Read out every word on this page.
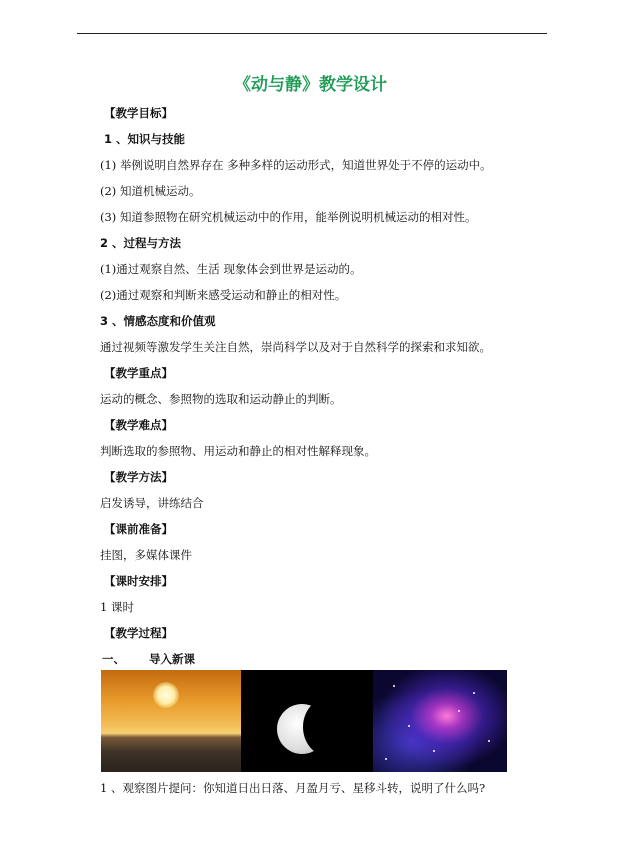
《动与静》教学设计
【教学目标】
1 、知识与技能
(1) 举例说明自然界存在 多种多样的运动形式，知道世界处于不停的运动中。
(2) 知道机械运动。
(3) 知道参照物在研究机械运动中的作用，能举例说明机械运动的相对性。
2 、过程与方法
(1)通过观察自然、生活 现象体会到世界是运动的。
(2)通过观察和判断来感受运动和静止的相对性。
3 、情感态度和价值观
通过视频等激发学生关注自然，崇尚科学以及对于自然科学的探索和求知欲。
【教学重点】
运动的概念、参照物的选取和运动静止的判断。
【教学难点】
判断选取的参照物、用运动和静止的相对性解释现象。
【教学方法】
启发诱导，讲练结合
【课前准备】
挂图，多媒体课件
【课时安排】
1 课时
【教学过程】
一、      导入新课
1 、观察图片提问：你知道日出日落、月盈月亏、星移斗转，说明了什么吗?
